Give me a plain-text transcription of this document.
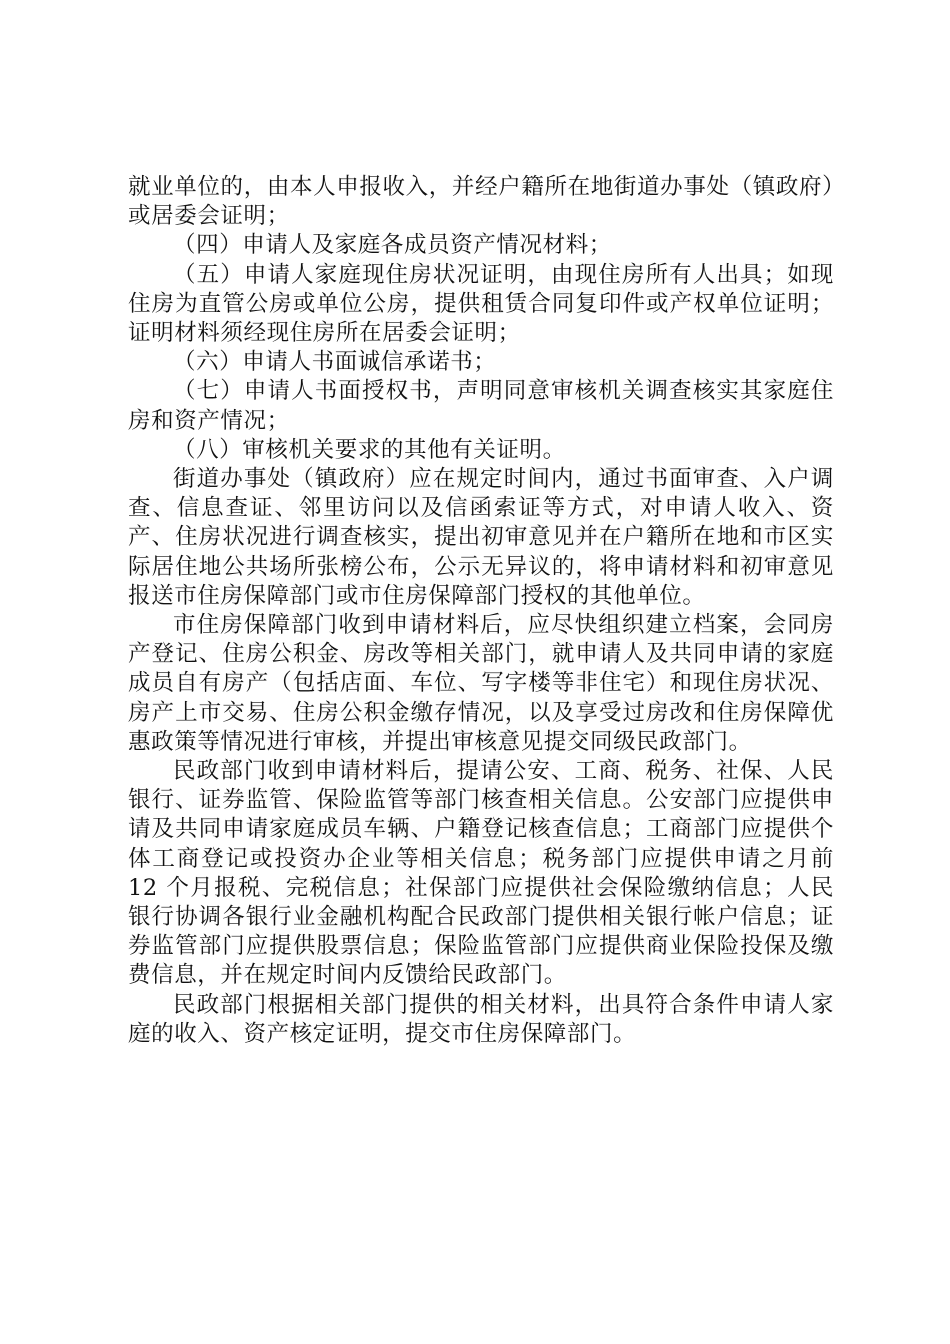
就业单位的，由本人申报收入，并经户籍所在地街道办事处（镇政府）或居委会证明；

（四）申请人及家庭各成员资产情况材料；

（五）申请人家庭现住房状况证明，由现住房所有人出具；如现住房为直管公房或单位公房，提供租赁合同复印件或产权单位证明；证明材料须经现住房所在居委会证明；

（六）申请人书面诚信承诺书；

（七）申请人书面授权书，声明同意审核机关调查核实其家庭住房和资产情况；

（八）审核机关要求的其他有关证明。

街道办事处（镇政府）应在规定时间内，通过书面审查、入户调查、信息查证、邻里访问以及信函索证等方式，对申请人收入、资产、住房状况进行调查核实，提出初审意见并在户籍所在地和市区实际居住地公共场所张榜公布，公示无异议的，将申请材料和初审意见报送市住房保障部门或市住房保障部门授权的其他单位。

市住房保障部门收到申请材料后，应尽快组织建立档案，会同房产登记、住房公积金、房改等相关部门，就申请人及共同申请的家庭成员自有房产（包括店面、车位、写字楼等非住宅）和现住房状况、房产上市交易、住房公积金缴存情况，以及享受过房改和住房保障优惠政策等情况进行审核，并提出审核意见提交同级民政部门。

民政部门收到申请材料后，提请公安、工商、税务、社保、人民银行、证券监管、保险监管等部门核查相关信息。公安部门应提供申请及共同申请家庭成员车辆、户籍登记核查信息；工商部门应提供个体工商登记或投资办企业等相关信息；税务部门应提供申请之月前 12 个月报税、完税信息；社保部门应提供社会保险缴纳信息；人民银行协调各银行业金融机构配合民政部门提供相关银行帐户信息；证券监管部门应提供股票信息；保险监管部门应提供商业保险投保及缴费信息，并在规定时间内反馈给民政部门。

民政部门根据相关部门提供的相关材料，出具符合条件申请人家庭的收入、资产核定证明，提交市住房保障部门。
